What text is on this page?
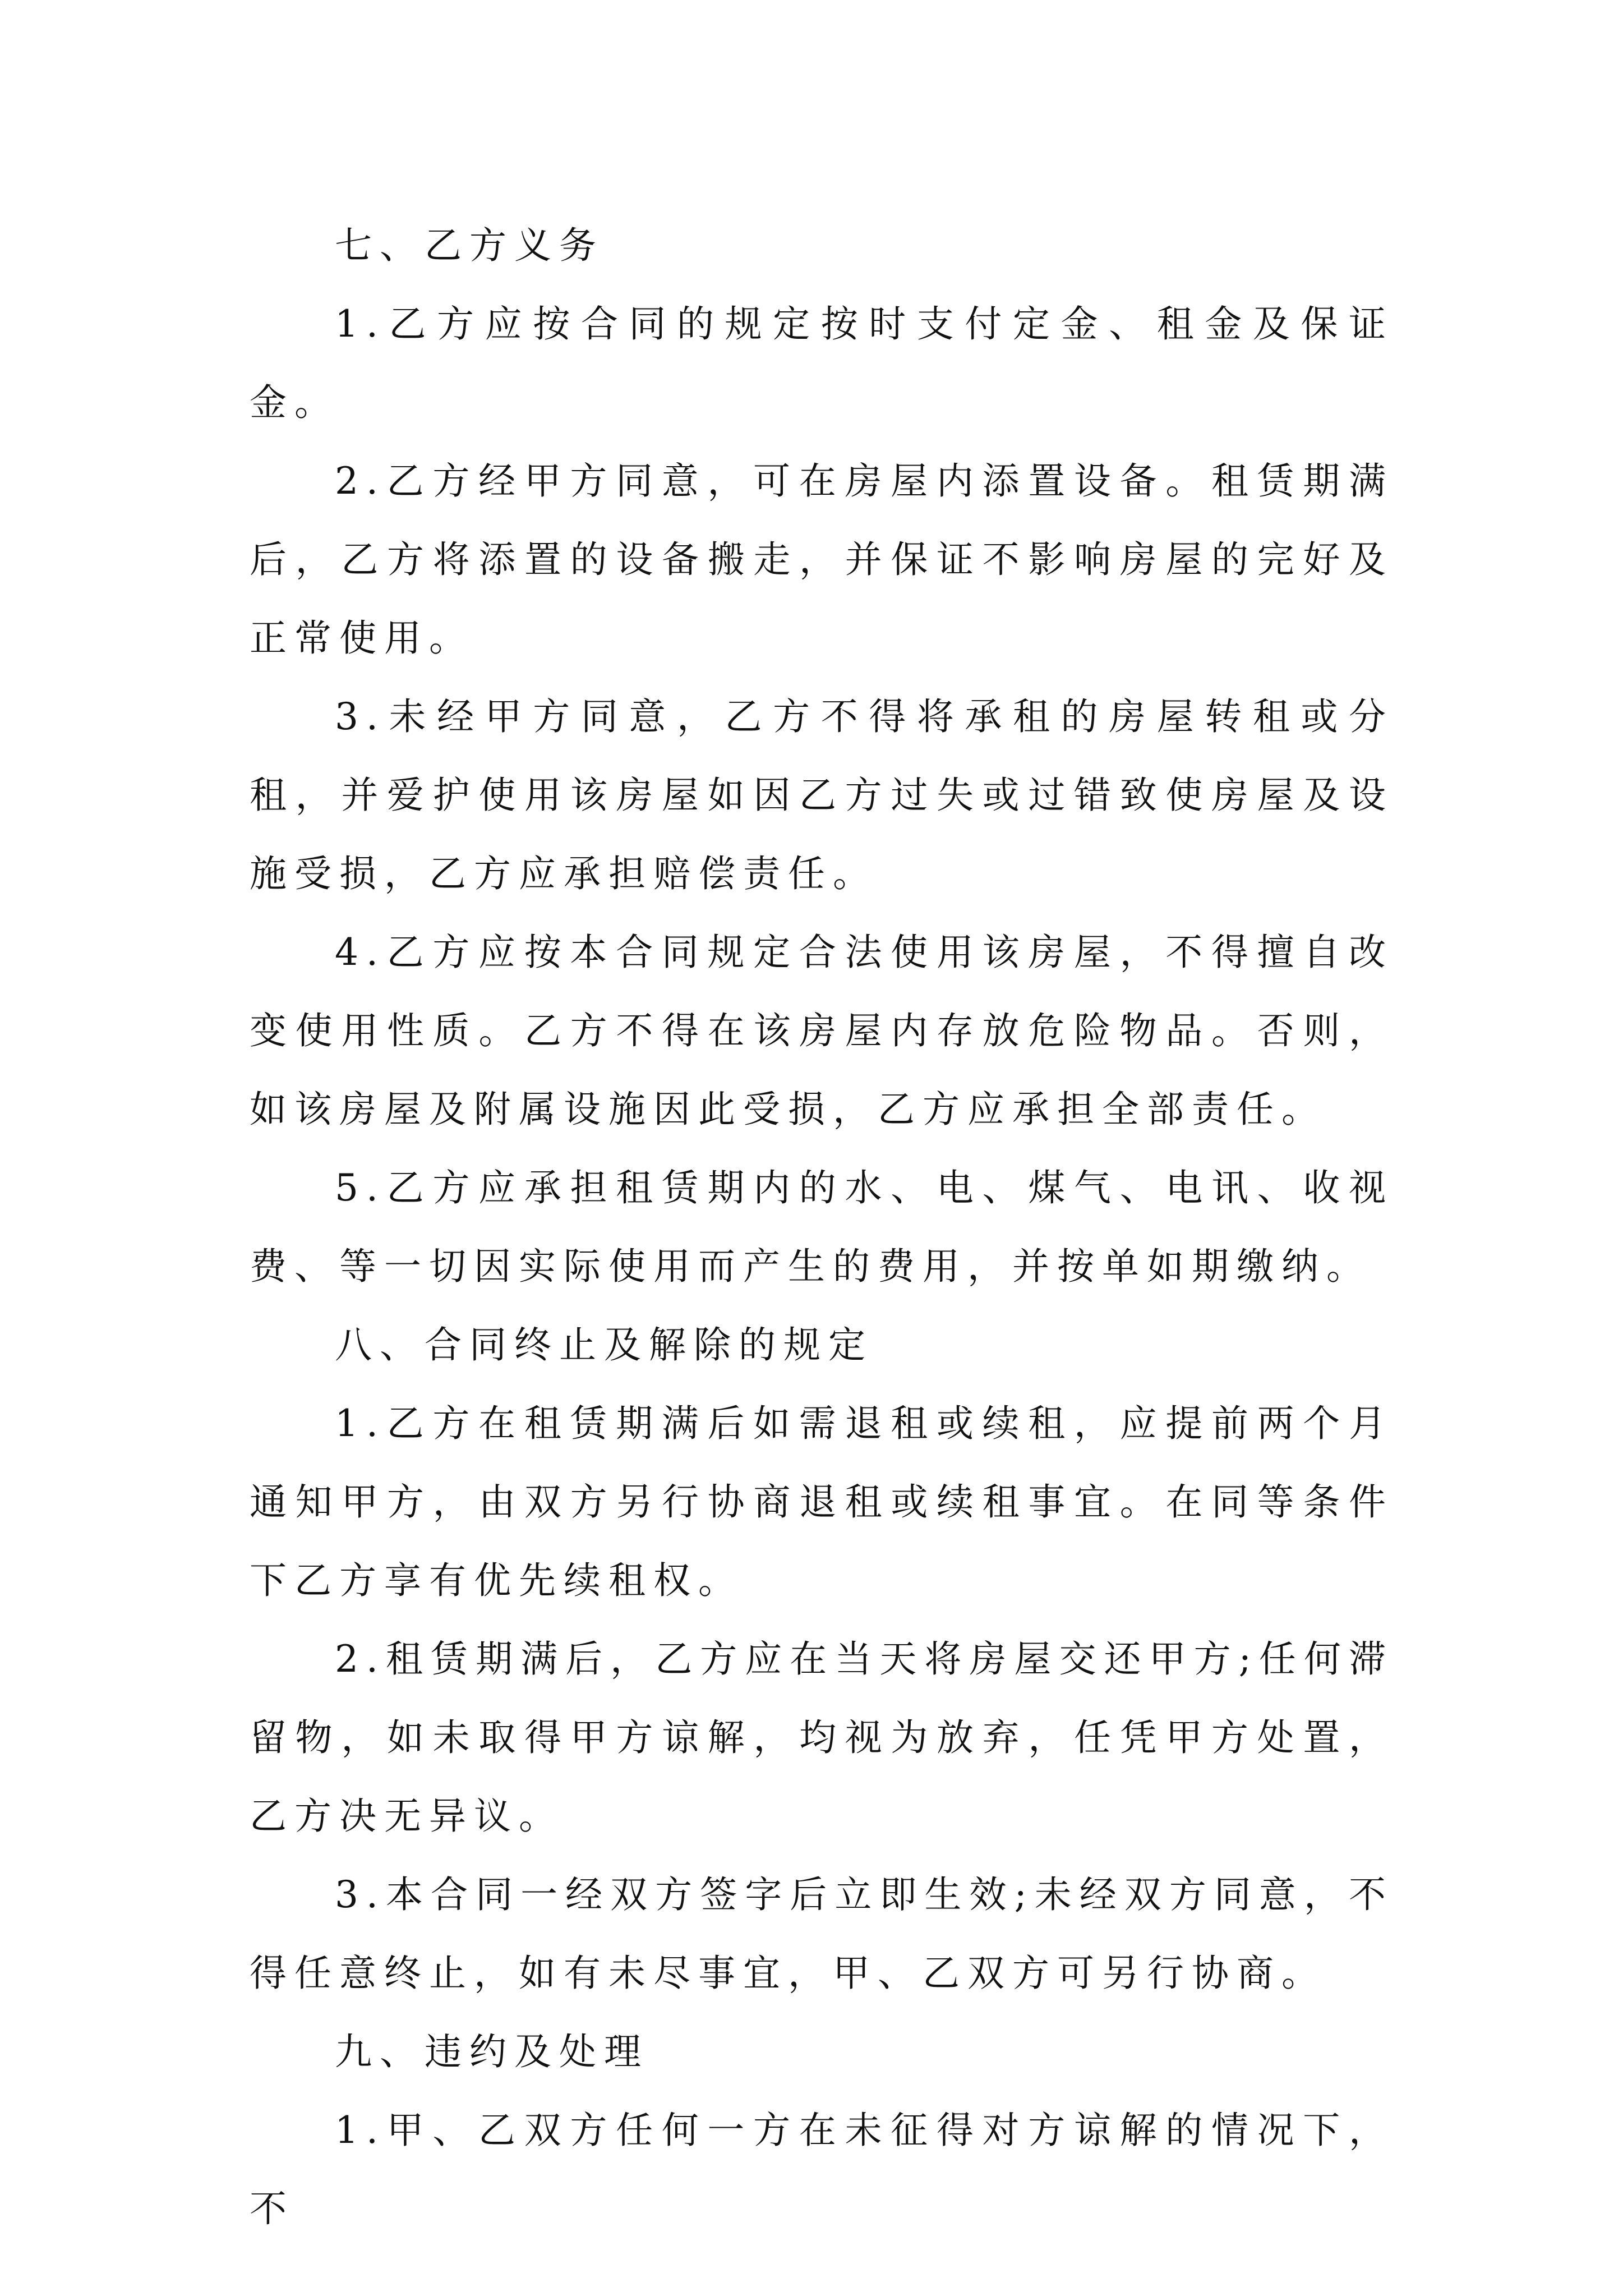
七、乙方义务

1.乙方应按合同的规定按时支付定金、租金及保证金。

2.乙方经甲方同意，可在房屋内添置设备。租赁期满后，乙方将添置的设备搬走，并保证不影响房屋的完好及正常使用。

3.未经甲方同意，乙方不得将承租的房屋转租或分租，并爱护使用该房屋如因乙方过失或过错致使房屋及设施受损，乙方应承担赔偿责任。

4.乙方应按本合同规定合法使用该房屋，不得擅自改变使用性质。乙方不得在该房屋内存放危险物品。否则，如该房屋及附属设施因此受损，乙方应承担全部责任。

5.乙方应承担租赁期内的水、电、煤气、电讯、收视费、等一切因实际使用而产生的费用，并按单如期缴纳。

八、合同终止及解除的规定

1.乙方在租赁期满后如需退租或续租，应提前两个月通知甲方，由双方另行协商退租或续租事宜。在同等条件下乙方享有优先续租权。

2.租赁期满后，乙方应在当天将房屋交还甲方;任何滞留物，如未取得甲方谅解，均视为放弃，任凭甲方处置，乙方决无异议。

3.本合同一经双方签字后立即生效;未经双方同意，不得任意终止，如有未尽事宜，甲、乙双方可另行协商。

九、违约及处理

1.甲、乙双方任何一方在未征得对方谅解的情况下，不
